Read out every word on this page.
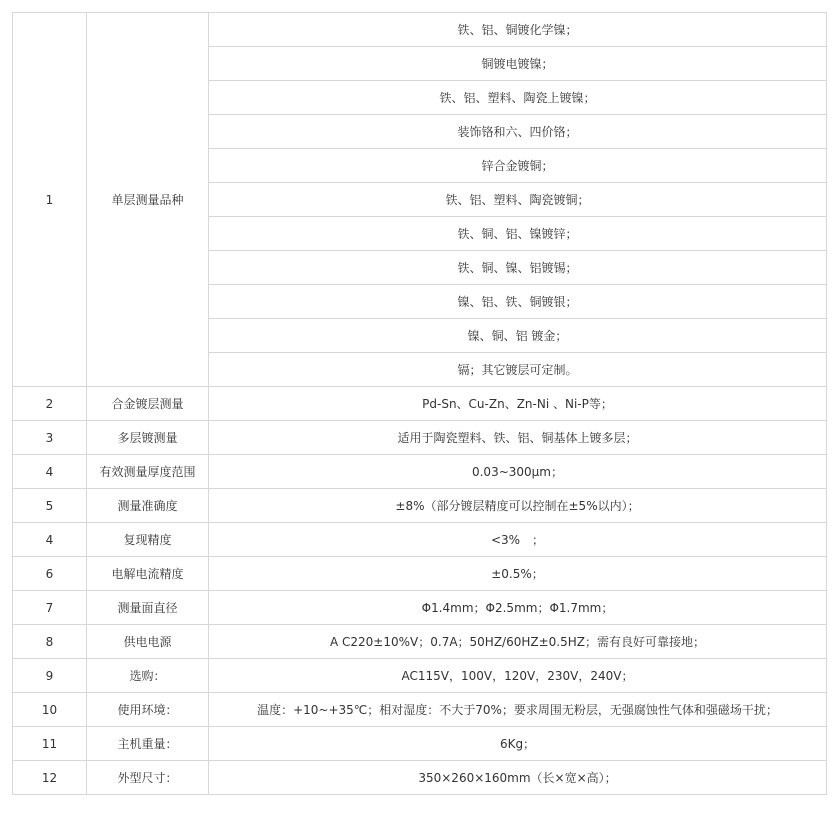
1	单层测量品种	铁、铝、铜镀化学镍；
		铜镀电镀镍；
		铁、铝、塑料、陶瓷上镀镍；
		装饰铬和六、四价铬；
		锌合金镀铜；
		铁、铝、塑料、陶瓷镀铜；
		铁、铜、铝、镍镀锌；
		铁、铜、镍、铝镀锡；
		镍、铝、铁、铜镀银；
		镍、铜、铝 镀金；
		镉；其它镀层可定制。
2	合金镀层测量	Pd-Sn、Cu-Zn、Zn-Ni 、Ni-P等；
3	多层镀测量	适用于陶瓷塑料、铁、铝、铜基体上镀多层；
4	有效测量厚度范围	0.03~300μm；
5	测量准确度	±8%（部分镀层精度可以控制在±5%以内）；
4	复现精度	<3%　；
6	电解电流精度	±0.5%；
7	测量面直径	Φ1.4mm；Φ2.5mm；Φ1.7mm；
8	供电电源	A C220±10%V；0.7A；50HZ/60HZ±0.5HZ；需有良好可靠接地；
9	选购：	AC115V，100V，120V，230V，240V；
10	使用环境：	温度：+10~+35℃；相对湿度：不大于70%；要求周围无粉层，无强腐蚀性气体和强磁场干扰；
11	主机重量：	6Kg；
12	外型尺寸：	350×260×160mm（长×宽×高）；
